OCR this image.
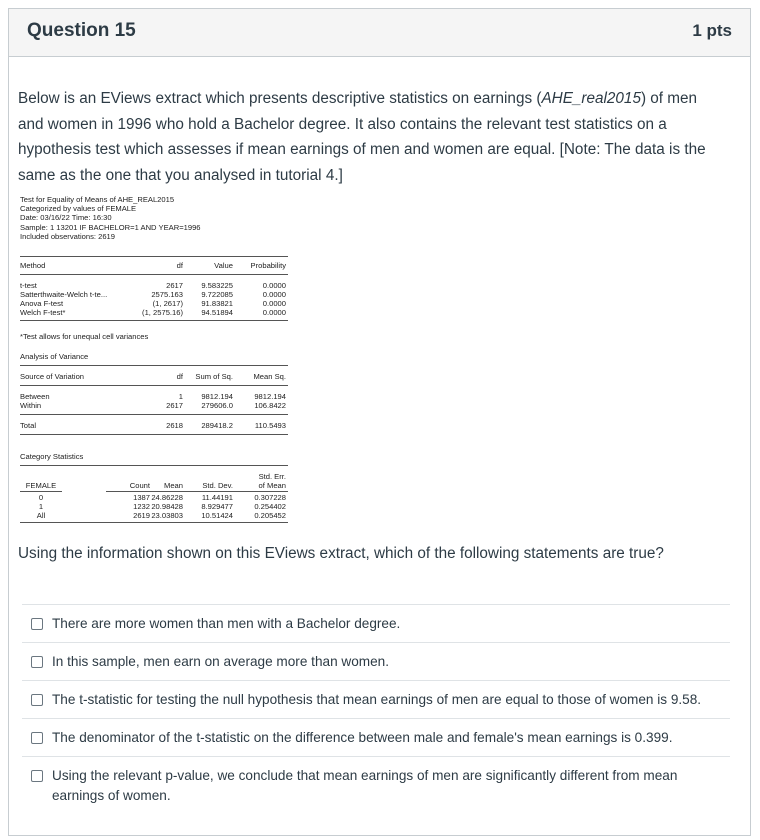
Question 15	1 pts

Below is an EViews extract which presents descriptive statistics on earnings (AHE_real2015) of men and women in 1996 who hold a Bachelor degree. It also contains the relevant test statistics on a hypothesis test which assesses if mean earnings of men and women are equal. [Note: The data is the same as the one that you analysed in tutorial 4.]

Test for Equality of Means of AHE_REAL2015
Categorized by values of FEMALE
Date: 03/16/22 Time: 16:30
Sample: 1 13201 IF BACHELOR=1 AND YEAR=1996
Included observations: 2619
Method	df	Value	Probability
t-test	2617	9.583225	0.0000
Satterthwaite-Welch t-te...	2575.163	9.722085	0.0000
Anova F-test	(1, 2617)	91.83821	0.0000
Welch F-test*	(1, 2575.16)	94.51894	0.0000
*Test allows for unequal cell variances
Analysis of Variance
Source of Variation	df	Sum of Sq.	Mean Sq.
Between	1	9812.194	9812.194
Within	2617	279606.0	106.8422
Total	2618	289418.2	110.5493
Category Statistics
Std. Err.
FEMALE	Count	Mean	Std. Dev.	of Mean
0	1387 24.86228	11.44191	0.307228
1	1232 20.98428	8.929477	0.254402
All	2619 23.03803	10.51424	0.205452

Using the information shown on this EViews extract, which of the following statements are true?

There are more women than men with a Bachelor degree.
In this sample, men earn on average more than women.
The t-statistic for testing the null hypothesis that mean earnings of men are equal to those of women is 9.58.
The denominator of the t-statistic on the difference between male and female's mean earnings is 0.399.
Using the relevant p-value, we conclude that mean earnings of men are significantly different from mean earnings of women.
